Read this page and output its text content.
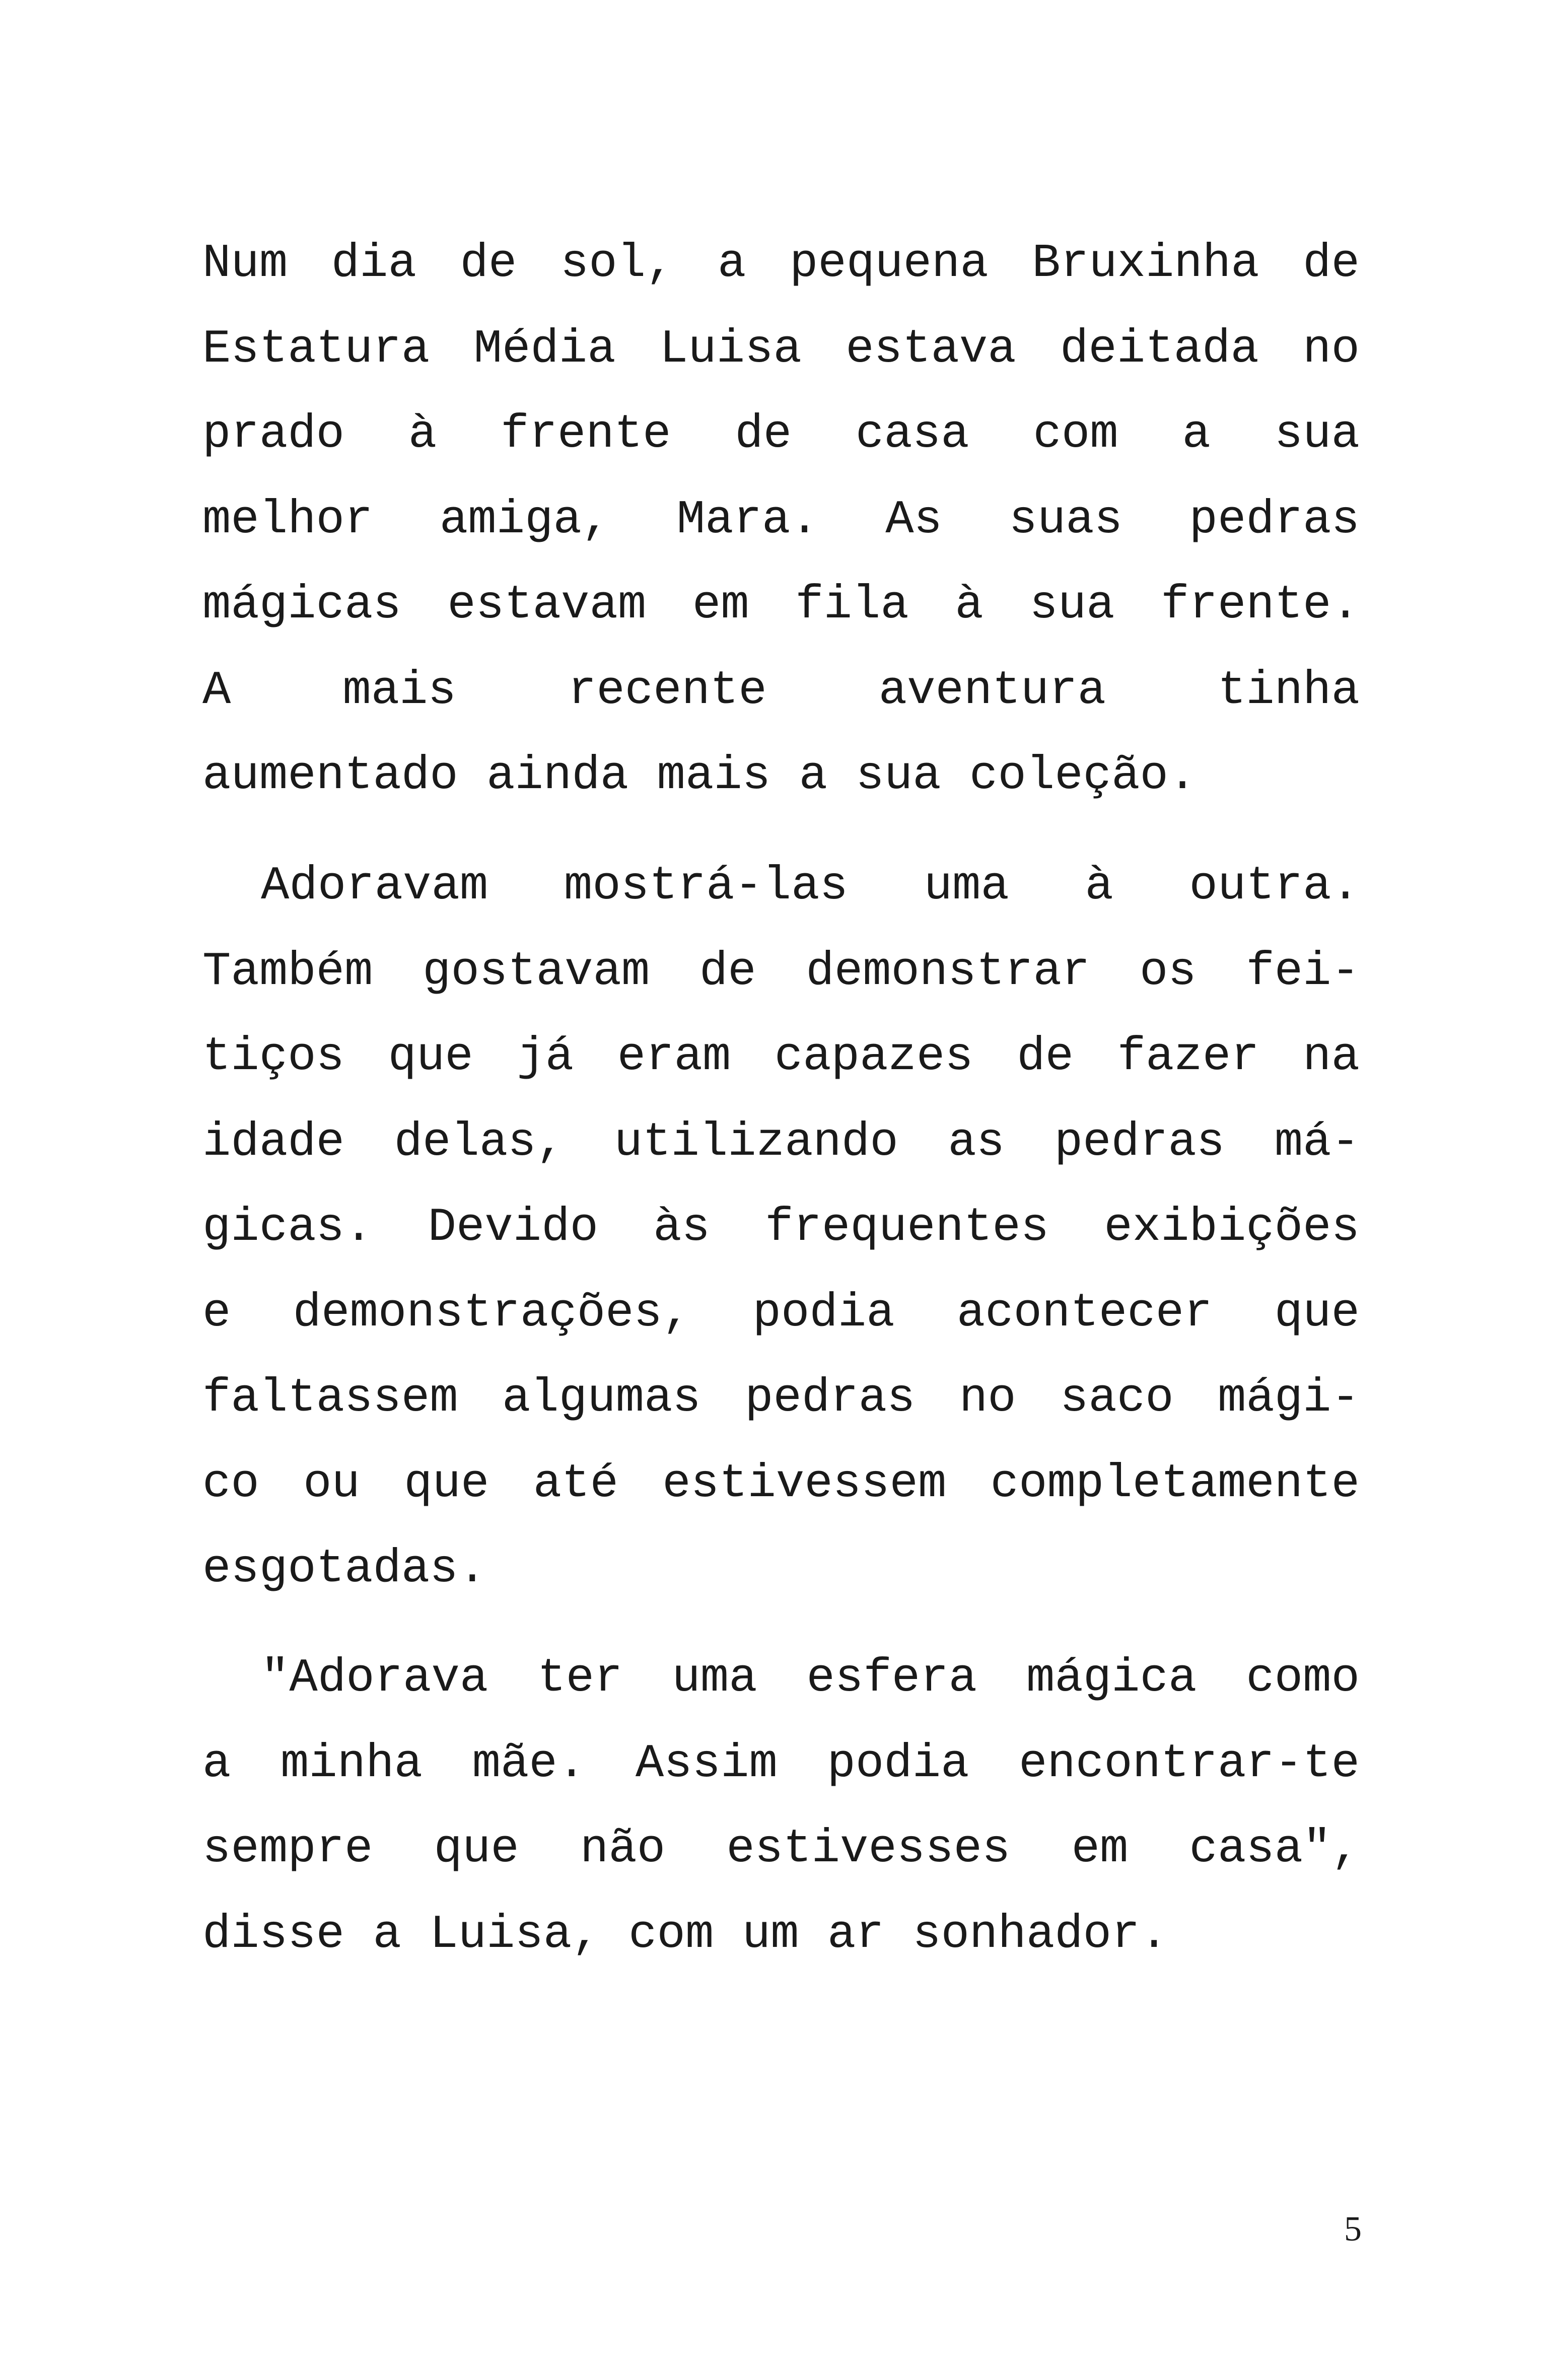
Num dia de sol, a pequena Bruxinha de
Estatura Média Luisa estava deitada no
prado à frente de casa com a sua
melhor amiga, Mara. As suas pedras
mágicas estavam em fila à sua frente.
A mais recente aventura tinha
aumentado ainda mais a sua coleção.
Adoravam mostrá-las uma à outra.
Também gostavam de demonstrar os fei-
tiços que já eram capazes de fazer na
idade delas, utilizando as pedras má-
gicas. Devido às frequentes exibições
e demonstrações, podia acontecer que
faltassem algumas pedras no saco mági-
co ou que até estivessem completamente
esgotadas.
"Adorava ter uma esfera mágica como
a minha mãe. Assim podia encontrar-te
sempre que não estivesses em casa",
disse a Luisa, com um ar sonhador.
5
